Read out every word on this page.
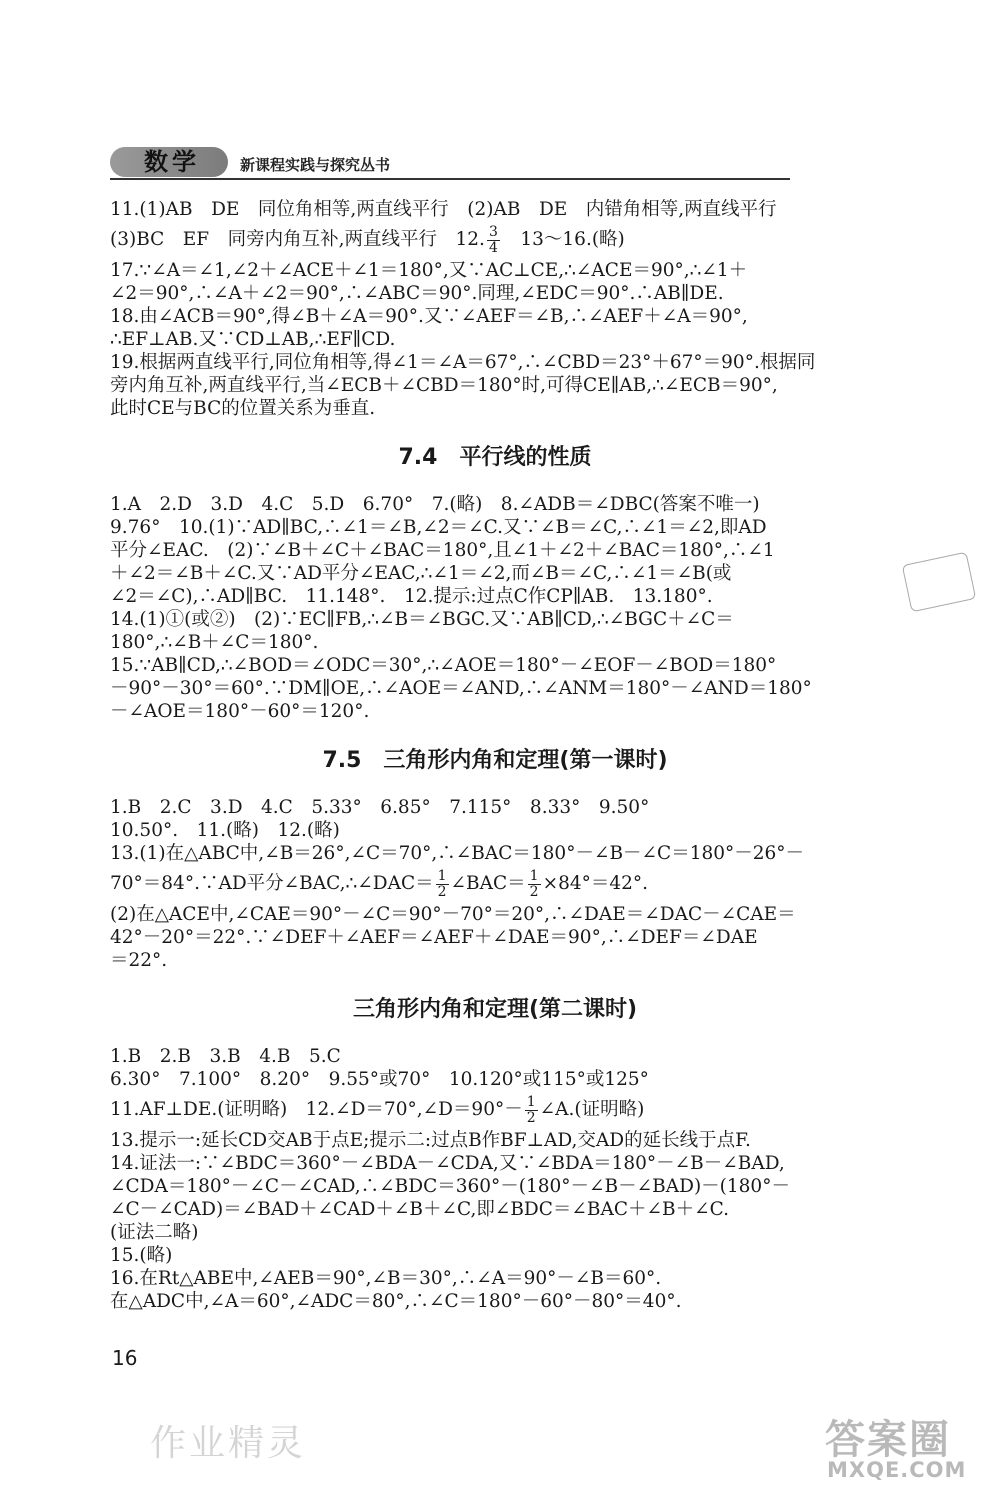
数学	新课程实践与探究丛书

11.(1)AB　DE　同位角相等,两直线平行　(2)AB　DE　内错角相等,两直线平行

(3)BC　EF　同旁内角互补,两直线平行　12. $\frac{3}{4}$ 　13～16.(略)

17.∵∠A＝∠1,∠2＋∠ACE＋∠1＝180°,又∵AC⊥CE,∴∠ACE＝90°,∴∠1＋

∠2＝90°,∴∠A＋∠2＝90°,∴∠ABC＝90°.同理,∠EDC＝90°.∴AB∥DE.

18.由∠ACB＝90°,得∠B＋∠A＝90°.又∵∠AEF＝∠B,∴∠AEF＋∠A＝90°,

∴EF⊥AB.又∵CD⊥AB,∴EF∥CD.

19.根据两直线平行,同位角相等,得∠1＝∠A＝67°,∴∠CBD＝23°＋67°＝90°.根据同

旁内角互补,两直线平行,当∠ECB＋∠CBD＝180°时,可得CE∥AB,∴∠ECB＝90°,

此时CE与BC的位置关系为垂直.

7.4　平行线的性质

1.A　2.D　3.D　4.C　5.D　6.70°　7.(略)　8.∠ADB＝∠DBC(答案不唯一)

9.76°　10.(1)∵AD∥BC,∴∠1＝∠B,∠2＝∠C.又∵∠B＝∠C,∴∠1＝∠2,即AD

平分∠EAC.　(2)∵∠B＋∠C＋∠BAC＝180°,且∠1＋∠2＋∠BAC＝180°,∴∠1

＋∠2＝∠B＋∠C.又∵AD平分∠EAC,∴∠1＝∠2,而∠B＝∠C,∴∠1＝∠B(或

∠2＝∠C),∴AD∥BC.　11.148°.　12.提示:过点C作CP∥AB.　13.180°.

14.(1)①(或②)　(2)∵EC∥FB,∴∠B＝∠BGC.又∵AB∥CD,∴∠BGC＋∠C＝

180°,∴∠B＋∠C＝180°.

15.∵AB∥CD,∴∠BOD＝∠ODC＝30°,∴∠AOE＝180°－∠EOF－∠BOD＝180°

－90°－30°＝60°.∵DM∥OE,∴∠AOE＝∠AND,∴∠ANM＝180°－∠AND＝180°

－∠AOE＝180°－60°＝120°.

7.5　三角形内角和定理(第一课时)

1.B　2.C　3.D　4.C　5.33°　6.85°　7.115°　8.33°　9.50°

10.50°.　11.(略)　12.(略)

13.(1)在△ABC中,∠B＝26°,∠C＝70°,∴∠BAC＝180°－∠B－∠C＝180°－26°－

70°＝84°.∵AD平分∠BAC,∴∠DAC＝ $\frac{1}{2}$ ∠BAC＝ $\frac{1}{2} \times 84^\circ=42^\circ$.

(2)在△ACE中,∠CAE＝90°－∠C＝90°－70°＝20°,∴∠DAE＝∠DAC－∠CAE＝

42°－20°＝22°.∵∠DEF＋∠AEF＝∠AEF＋∠DAE＝90°,∴∠DEF＝∠DAE

＝22°.

三角形内角和定理(第二课时)

1.B　2.B　3.B　4.B　5.C

6.30°　7.100°　8.20°　9.55°或70°　10.120°或115°或125°

11.AF⊥DE.(证明略)　12.∠D＝70°,∠D＝90°－ $\frac{1}{2}$ ∠A.(证明略)

13.提示一:延长CD交AB于点E;提示二:过点B作BF⊥AD,交AD的延长线于点F.

14.证法一:∵∠BDC＝360°－∠BDA－∠CDA,又∵∠BDA＝180°－∠B－∠BAD,

∠CDA＝180°－∠C－∠CAD,∴∠BDC＝360°－(180°－∠B－∠BAD)－(180°－

∠C－∠CAD)＝∠BAD＋∠CAD＋∠B＋∠C,即∠BDC＝∠BAC＋∠B＋∠C.

(证法二略)

15.(略)

16.在Rt△ABE中,∠AEB＝90°,∠B＝30°,∴∠A＝90°－∠B＝60°.

在△ADC中,∠A＝60°,∠ADC＝80°,∴∠C＝180°－60°－80°＝40°.

16
作业精灵	答案圈
MXQE.COM
